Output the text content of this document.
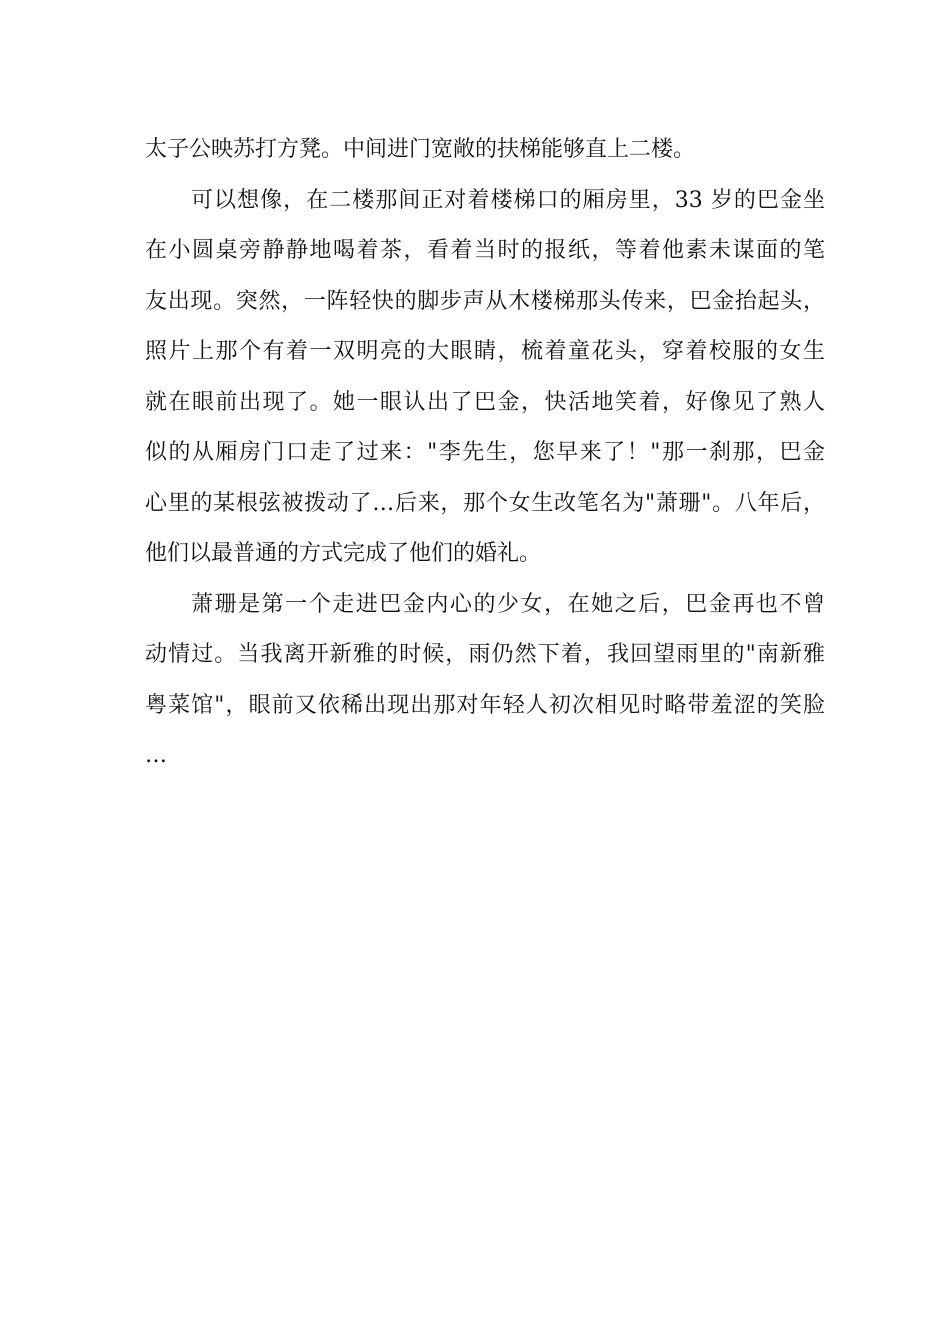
太子公映苏打方凳。中间进门宽敞的扶梯能够直上二楼。
可以想像，在二楼那间正对着楼梯口的厢房里，33 岁的巴金坐
在小圆桌旁静静地喝着茶，看着当时的报纸，等着他素未谋面的笔
友出现。突然，一阵轻快的脚步声从木楼梯那头传来，巴金抬起头，
照片上那个有着一双明亮的大眼睛，梳着童花头，穿着校服的女生
就在眼前出现了。她一眼认出了巴金，快活地笑着，好像见了熟人
似的从厢房门口走了过来："李先生，您早来了！"那一刹那，巴金
心里的某根弦被拨动了…后来，那个女生改笔名为"萧珊"。八年后，
他们以最普通的方式完成了他们的婚礼。
萧珊是第一个走进巴金内心的少女，在她之后，巴金再也不曾
动情过。当我离开新雅的时候，雨仍然下着，我回望雨里的"南新雅
粤菜馆"，眼前又依稀出现出那对年轻人初次相见时略带羞涩的笑脸
…
